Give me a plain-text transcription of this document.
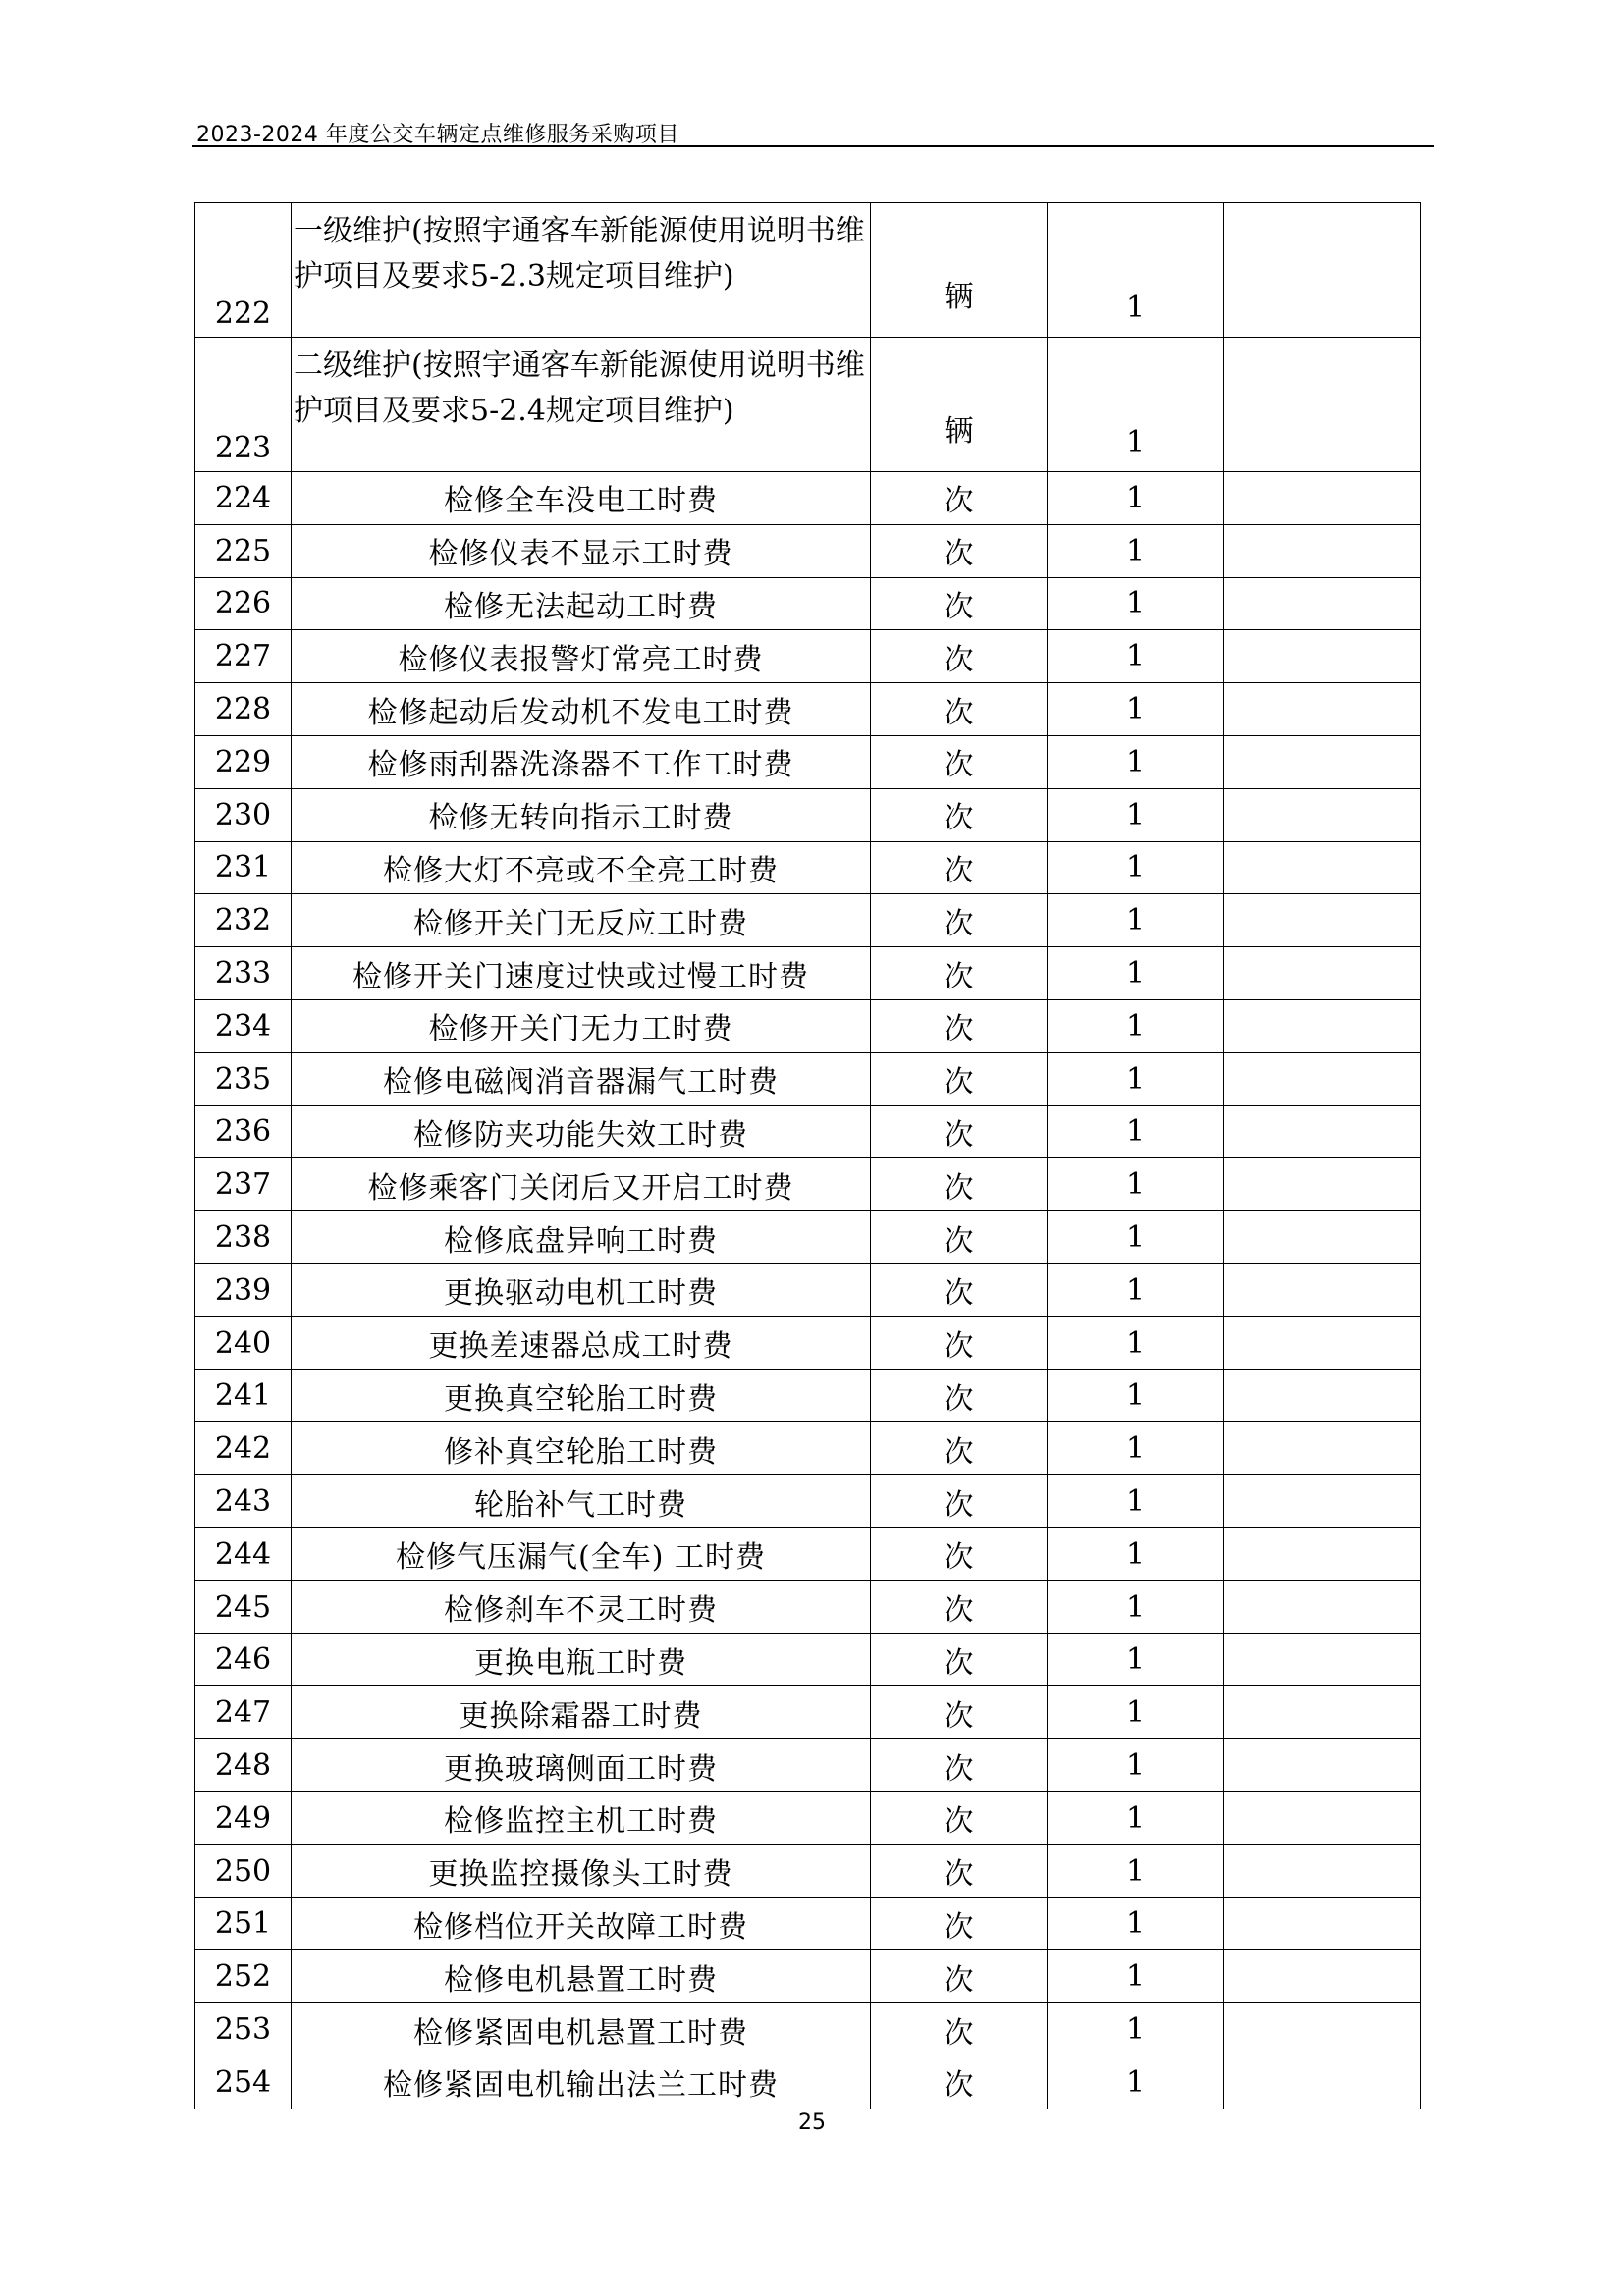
2023-2024 年度公交车辆定点维修服务采购项目
222	一级维护(按照宇通客车新能源使用说明书维护项目及要求5-2.3规定项目维护)	辆	1	
223	二级维护(按照宇通客车新能源使用说明书维护项目及要求5-2.4规定项目维护)	辆	1	
224	检修全车没电工时费	次	1	
225	检修仪表不显示工时费	次	1	
226	检修无法起动工时费	次	1	
227	检修仪表报警灯常亮工时费	次	1	
228	检修起动后发动机不发电工时费	次	1	
229	检修雨刮器洗涤器不工作工时费	次	1	
230	检修无转向指示工时费	次	1	
231	检修大灯不亮或不全亮工时费	次	1	
232	检修开关门无反应工时费	次	1	
233	检修开关门速度过快或过慢工时费	次	1	
234	检修开关门无力工时费	次	1	
235	检修电磁阀消音器漏气工时费	次	1	
236	检修防夹功能失效工时费	次	1	
237	检修乘客门关闭后又开启工时费	次	1	
238	检修底盘异响工时费	次	1	
239	更换驱动电机工时费	次	1	
240	更换差速器总成工时费	次	1	
241	更换真空轮胎工时费	次	1	
242	修补真空轮胎工时费	次	1	
243	轮胎补气工时费	次	1	
244	检修气压漏气(全车) 工时费	次	1	
245	检修刹车不灵工时费	次	1	
246	更换电瓶工时费	次	1	
247	更换除霜器工时费	次	1	
248	更换玻璃侧面工时费	次	1	
249	检修监控主机工时费	次	1	
250	更换监控摄像头工时费	次	1	
251	检修档位开关故障工时费	次	1	
252	检修电机悬置工时费	次	1	
253	检修紧固电机悬置工时费	次	1	
254	检修紧固电机输出法兰工时费	次	1	
25
